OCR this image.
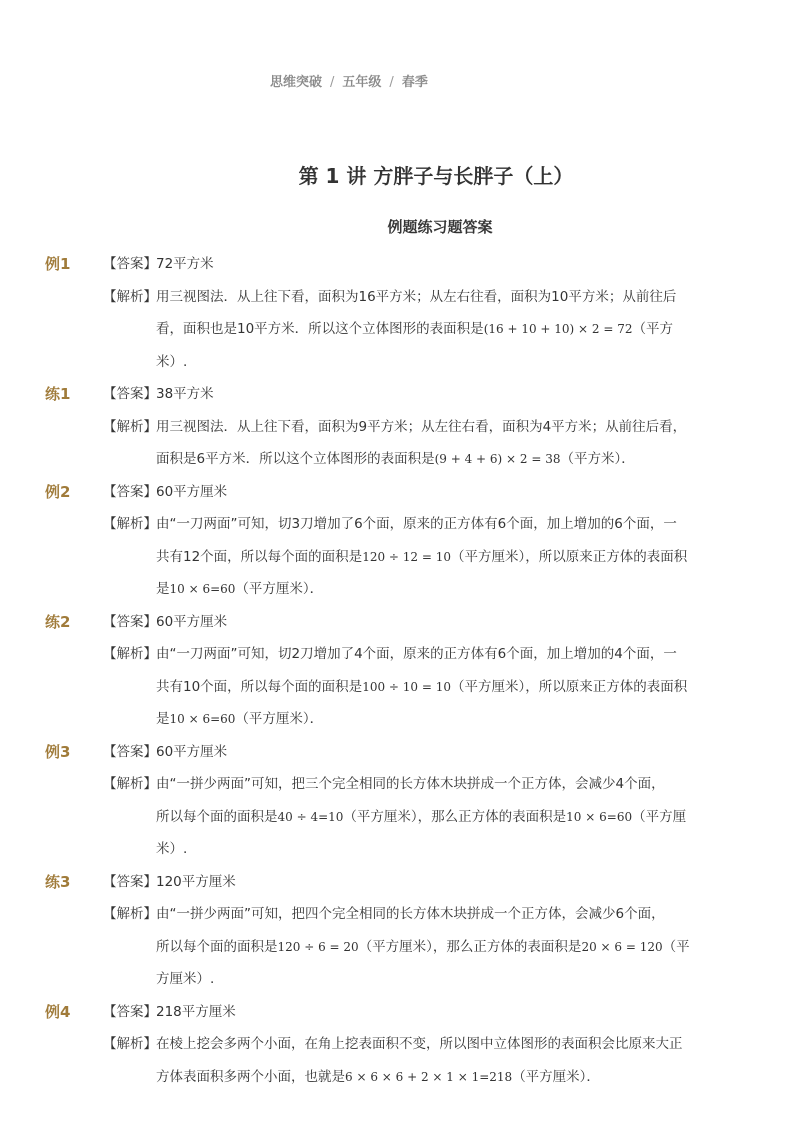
思维突破 / 五年级 / 春季
第 1 讲 方胖子与长胖子（上）
例题练习题答案
例1 【答案】 72平方米
【解析】 用三视图法．从上往下看，面积为16平方米；从左右往看，面积为10平方米；从前往后
看，面积也是10平方米．所以这个立体图形的表面积是(16 + 10 + 10) × 2 = 72（平方
米）.
练1 【答案】 38平方米
【解析】 用三视图法．从上往下看，面积为9平方米；从左往右看，面积为4平方米；从前往后看，
面积是6平方米．所以这个立体图形的表面积是(9 + 4 + 6) × 2 = 38（平方米）．
例2 【答案】 60平方厘米
【解析】 由“一刀两面”可知，切3刀增加了6个面，原来的正方体有6个面，加上增加的6个面，一
共有12个面，所以每个面的面积是120 ÷ 12 = 10（平方厘米），所以原来正方体的表面积
是10 × 6=60（平方厘米）．
练2 【答案】 60平方厘米
【解析】 由“一刀两面”可知，切2刀增加了4个面，原来的正方体有6个面，加上增加的4个面，一
共有10个面，所以每个面的面积是100 ÷ 10 = 10（平方厘米），所以原来正方体的表面积
是10 × 6=60（平方厘米）．
例3 【答案】 60平方厘米
【解析】 由“一拼少两面”可知，把三个完全相同的长方体木块拼成一个正方体，会减少4个面，
所以每个面的面积是40 ÷ 4=10（平方厘米），那么正方体的表面积是10 × 6=60（平方厘
米）.
练3 【答案】 120平方厘米
【解析】 由“一拼少两面”可知，把四个完全相同的长方体木块拼成一个正方体，会减少6个面，
所以每个面的面积是120 ÷ 6 = 20（平方厘米），那么正方体的表面积是20 × 6 = 120（平
方厘米）.
例4 【答案】 218平方厘米
【解析】 在棱上挖会多两个小面，在角上挖表面积不变，所以图中立体图形的表面积会比原来大正
方体表面积多两个小面，也就是6 × 6 × 6 + 2 × 1 × 1=218（平方厘米）．
